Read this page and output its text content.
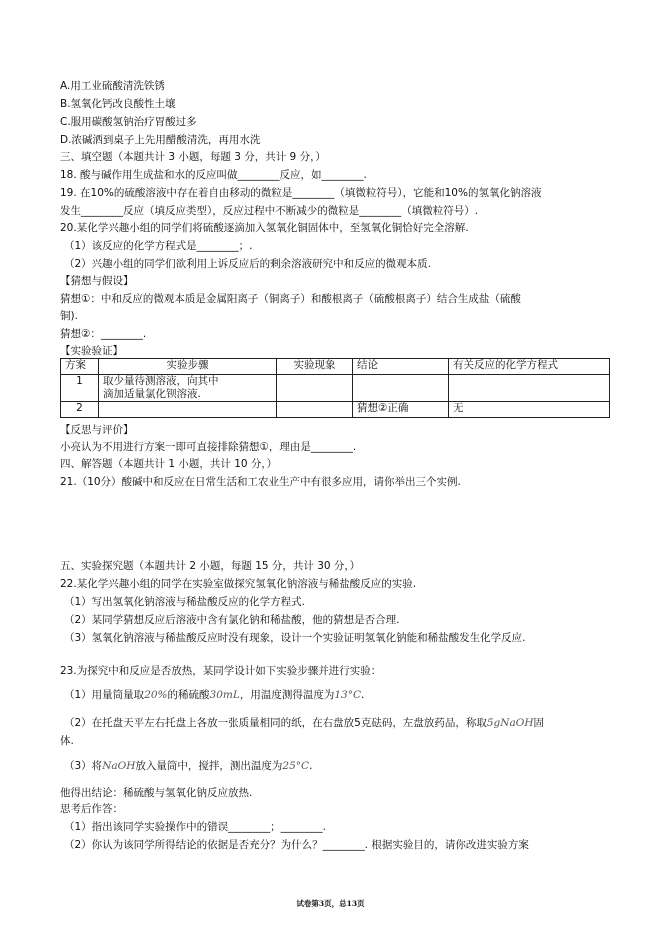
A.用工业硫酸清洗铁锈
B.氢氧化钙改良酸性土壤
C.服用碳酸氢钠治疗胃酸过多
D.浓碱洒到桌子上先用醋酸清洗，再用水洗
三、填空题（本题共计 3 小题，每题 3 分，共计 9 分，）
18. 酸与碱作用生成盐和水的反应叫做________反应，如________.
19. 在10%的硫酸溶液中存在着自由移动的微粒是________（填微粒符号），它能和10%的氢氧化钠溶液
发生________反应（填反应类型），反应过程中不断减少的微粒是________（填微粒符号）.
20.某化学兴趣小组的同学们将硫酸逐滴加入氢氧化铜固体中，至氢氧化铜恰好完全溶解.
（1）该反应的化学方程式是________；.
（2）兴趣小组的同学们欲利用上诉反应后的剩余溶液研究中和反应的微观本质.
【猜想与假设】
猜想①：中和反应的微观本质是金属阳离子（铜离子）和酸根离子（硫酸根离子）结合生成盐（硫酸
铜).
猜想②：________.
【实验验证】
方案	实验步骤	实验现象	结论	有关反应的化学方程式
1	取少量待测溶液，向其中
滴加适量氯化钡溶液.			

2			猜想②正确	无
【反思与评价】
小亮认为不用进行方案一即可直接排除猜想①，理由是________.
四、解答题（本题共计 1 小题，共计 10 分，）
21.（10分）酸碱中和反应在日常生活和工农业生产中有很多应用，请你举出三个实例.
五、实验探究题（本题共计 2 小题，每题 15 分，共计 30 分，）
22.某化学兴趣小组的同学在实验室做探究氢氧化钠溶液与稀盐酸反应的实验.
（1）写出氢氧化钠溶液与稀盐酸反应的化学方程式.
（2）某同学猜想反应后溶液中含有氯化钠和稀盐酸，他的猜想是否合理.
（3）氢氧化钠溶液与稀盐酸反应时没有现象，设计一个实验证明氢氧化钠能和稀盐酸发生化学反应.
23.为探究中和反应是否放热，某同学设计如下实验步骤并进行实验：
（1）用量筒量取20%的稀硫酸30mL，用温度测得温度为13°C.
（2）在托盘天平左右托盘上各放一张质量相同的纸，在右盘放5克砝码，左盘放药品，称取5gNaOH固
体.
（3）将NaOH放入量筒中，搅拌，测出温度为25°C.
他得出结论：稀硫酸与氢氧化钠反应放热.
思考后作答：
（1）指出该同学实验操作中的错误________；________.
（2）你认为该同学所得结论的依据是否充分？为什么？________. 根据实验目的，请你改进实验方案
试卷第3页，总13页
